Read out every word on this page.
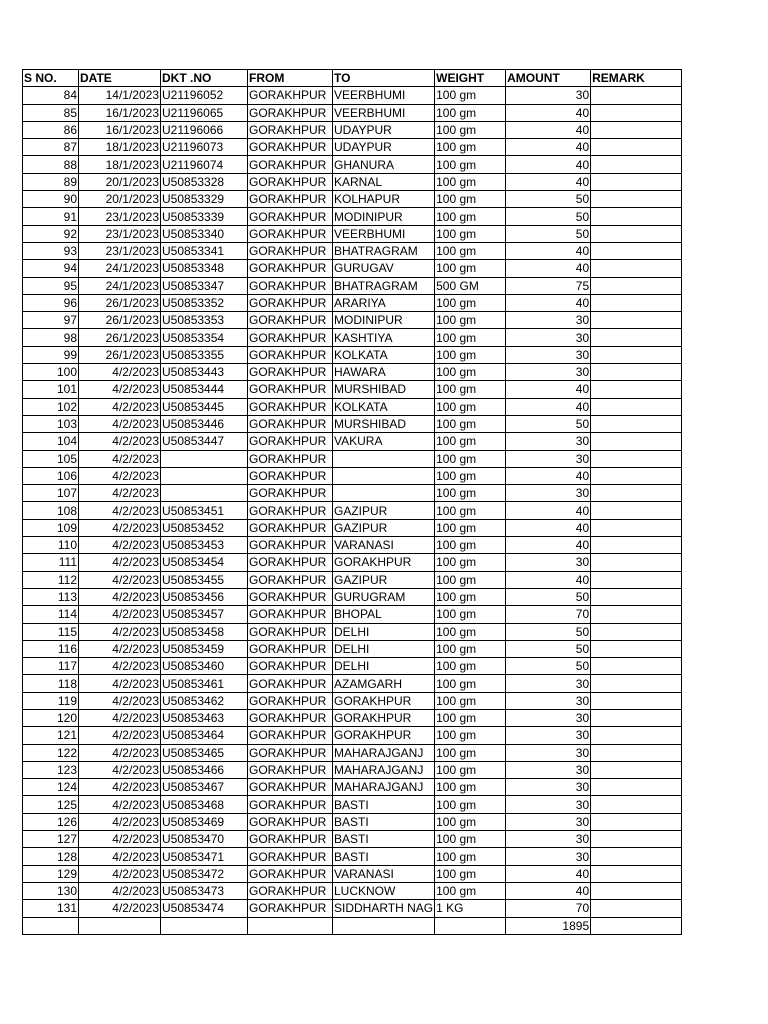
S NO.	DATE	DKT .NO	FROM	TO	WEIGHT	AMOUNT	REMARK
84	14/1/2023	U21196052	GORAKHPUR	VEERBHUMI	100 gm	30	
85	16/1/2023	U21196065	GORAKHPUR	VEERBHUMI	100 gm	40	
86	16/1/2023	U21196066	GORAKHPUR	UDAYPUR	100 gm	40	
87	18/1/2023	U21196073	GORAKHPUR	UDAYPUR	100 gm	40	
88	18/1/2023	U21196074	GORAKHPUR	GHANURA	100 gm	40	
89	20/1/2023	U50853328	GORAKHPUR	KARNAL	100 gm	40	
90	20/1/2023	U50853329	GORAKHPUR	KOLHAPUR	100 gm	50	
91	23/1/2023	U50853339	GORAKHPUR	MODINIPUR	100 gm	50	
92	23/1/2023	U50853340	GORAKHPUR	VEERBHUMI	100 gm	50	
93	23/1/2023	U50853341	GORAKHPUR	BHATRAGRAM	100 gm	40	
94	24/1/2023	U50853348	GORAKHPUR	GURUGAV	100 gm	40	
95	24/1/2023	U50853347	GORAKHPUR	BHATRAGRAM	500 GM	75	
96	26/1/2023	U50853352	GORAKHPUR	ARARIYA	100 gm	40	
97	26/1/2023	U50853353	GORAKHPUR	MODINIPUR	100 gm	30	
98	26/1/2023	U50853354	GORAKHPUR	KASHTIYA	100 gm	30	
99	26/1/2023	U50853355	GORAKHPUR	KOLKATA	100 gm	30	
100	4/2/2023	U50853443	GORAKHPUR	HAWARA	100 gm	30	
101	4/2/2023	U50853444	GORAKHPUR	MURSHIBAD	100 gm	40	
102	4/2/2023	U50853445	GORAKHPUR	KOLKATA	100 gm	40	
103	4/2/2023	U50853446	GORAKHPUR	MURSHIBAD	100 gm	50	
104	4/2/2023	U50853447	GORAKHPUR	VAKURA	100 gm	30	
105	4/2/2023		GORAKHPUR		100 gm	30	
106	4/2/2023		GORAKHPUR		100 gm	40	
107	4/2/2023		GORAKHPUR		100 gm	30	
108	4/2/2023	U50853451	GORAKHPUR	GAZIPUR	100 gm	40	
109	4/2/2023	U50853452	GORAKHPUR	GAZIPUR	100 gm	40	
110	4/2/2023	U50853453	GORAKHPUR	VARANASI	100 gm	40	
111	4/2/2023	U50853454	GORAKHPUR	GORAKHPUR	100 gm	30	
112	4/2/2023	U50853455	GORAKHPUR	GAZIPUR	100 gm	40	
113	4/2/2023	U50853456	GORAKHPUR	GURUGRAM	100 gm	50	
114	4/2/2023	U50853457	GORAKHPUR	BHOPAL	100 gm	70	
115	4/2/2023	U50853458	GORAKHPUR	DELHI	100 gm	50	
116	4/2/2023	U50853459	GORAKHPUR	DELHI	100 gm	50	
117	4/2/2023	U50853460	GORAKHPUR	DELHI	100 gm	50	
118	4/2/2023	U50853461	GORAKHPUR	AZAMGARH	100 gm	30	
119	4/2/2023	U50853462	GORAKHPUR	GORAKHPUR	100 gm	30	
120	4/2/2023	U50853463	GORAKHPUR	GORAKHPUR	100 gm	30	
121	4/2/2023	U50853464	GORAKHPUR	GORAKHPUR	100 gm	30	
122	4/2/2023	U50853465	GORAKHPUR	MAHARAJGANJ	100 gm	30	
123	4/2/2023	U50853466	GORAKHPUR	MAHARAJGANJ	100 gm	30	
124	4/2/2023	U50853467	GORAKHPUR	MAHARAJGANJ	100 gm	30	
125	4/2/2023	U50853468	GORAKHPUR	BASTI	100 gm	30	
126	4/2/2023	U50853469	GORAKHPUR	BASTI	100 gm	30	
127	4/2/2023	U50853470	GORAKHPUR	BASTI	100 gm	30	
128	4/2/2023	U50853471	GORAKHPUR	BASTI	100 gm	30	
129	4/2/2023	U50853472	GORAKHPUR	VARANASI	100 gm	40	
130	4/2/2023	U50853473	GORAKHPUR	LUCKNOW	100 gm	40	
131	4/2/2023	U50853474	GORAKHPUR	SIDDHARTH NAG	1 KG	70	
						1895	
